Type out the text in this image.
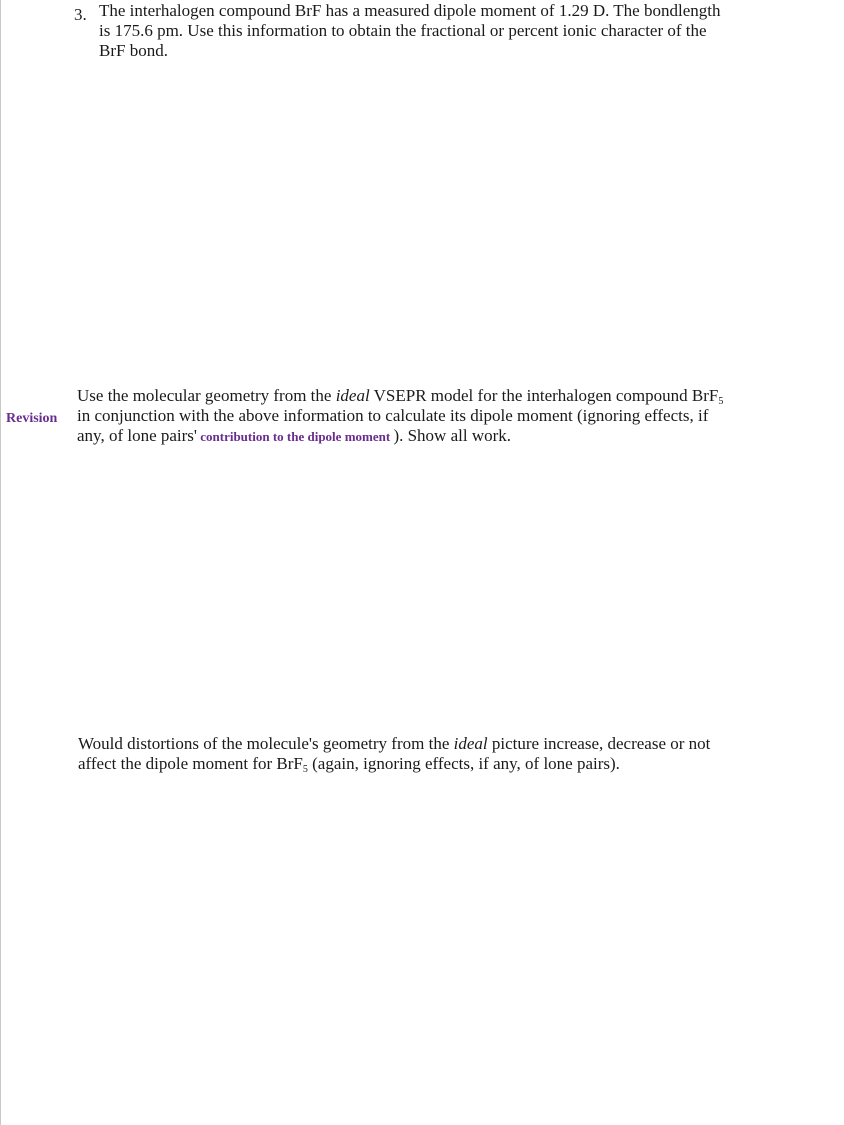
3. The interhalogen compound BrF has a measured dipole moment of 1.29 D. The bondlength
is 175.6 pm. Use this information to obtain the fractional or percent ionic character of the
BrF bond.
Revision
Use the molecular geometry from the ideal VSEPR model for the interhalogen compound BrF$_5$
in conjunction with the above information to calculate its dipole moment (ignoring effects, if
any, of lone pairs' contribution to the dipole moment ). Show all work.
Would distortions of the molecule's geometry from the ideal picture increase, decrease or not
affect the dipole moment for BrF$_5$ (again, ignoring effects, if any, of lone pairs).
